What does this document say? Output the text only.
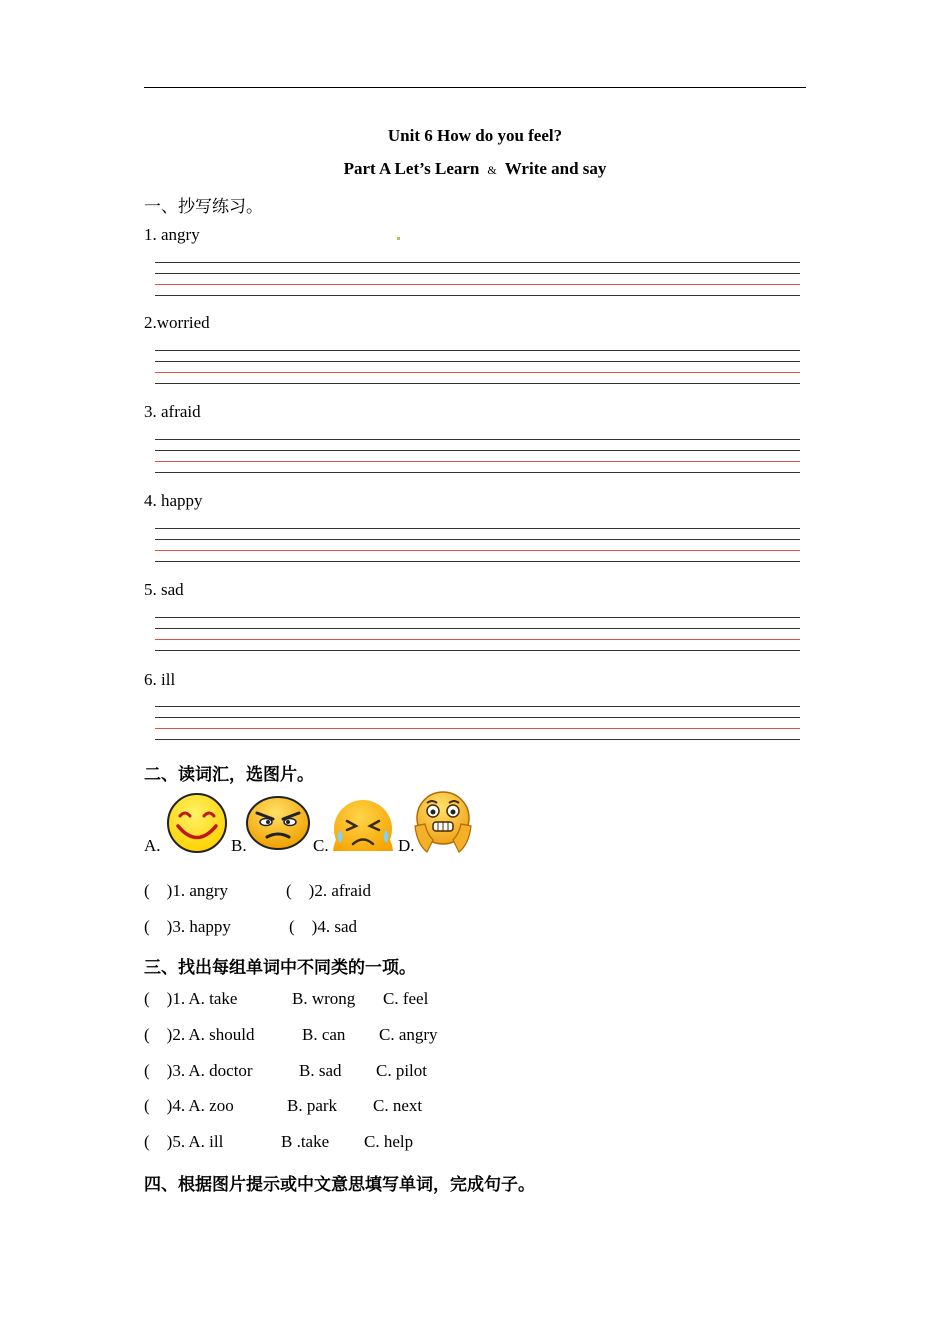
Unit 6 How do you feel?
Part A Let’s Learn & Write and say
一、抄写练习。
1. angry
2.worried
3. afraid
4. happy
5. sad
6. ill
二、读词汇，选图片。
A.	B.	C.	D.
(    )1. angry	(    )2. afraid
(    )3. happy	(    )4. sad
三、找出每组单词中不同类的一项。
(    )1. A. take	B. wrong C. feel
(    )2. A. should	B. can C. angry
(    )3. A. doctor	B. sad C. pilot
(    )4. A. zoo	B. park C. next
(    )5. A. ill	B .take C. help
四、根据图片提示或中文意思填写单词，完成句子。
